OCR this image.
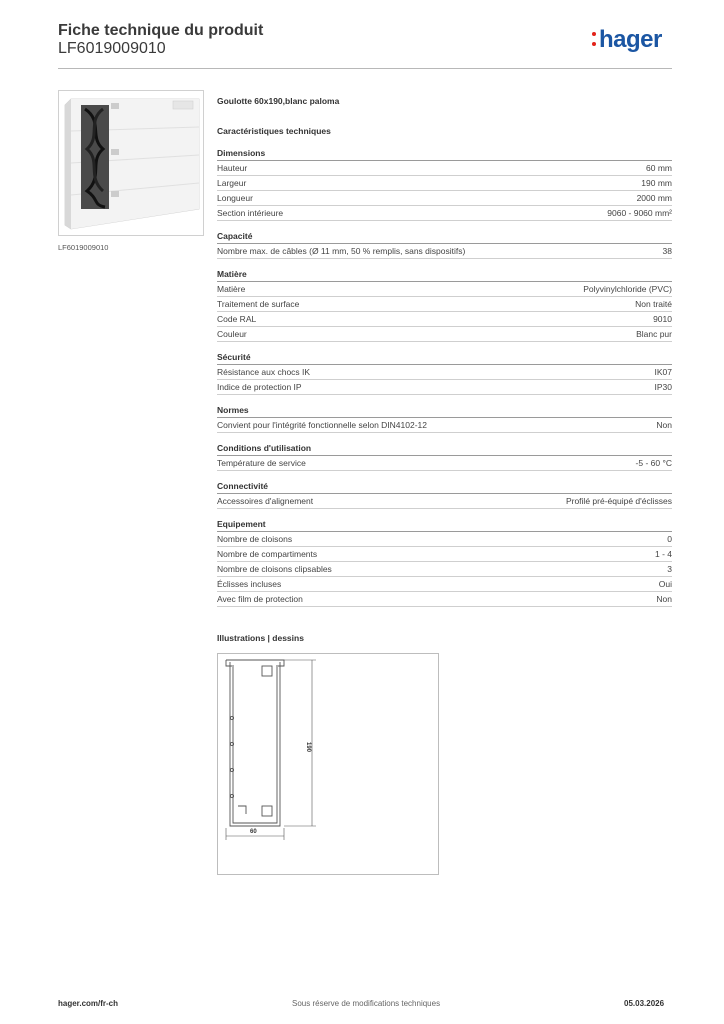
Fiche technique du produit
LF6019009010	hager
LF6019009010
Goulotte 60x190,blanc paloma
Caractéristiques techniques
Dimensions
Hauteur	60 mm
Largeur	190 mm
Longueur	2000 mm
Section intérieure	9060 - 9060 mm²
Capacité
Nombre max. de câbles (Ø 11 mm, 50 % remplis, sans dispositifs)	38
Matière
Matière	Polyvinylchloride (PVC)
Traitement de surface	Non traité
Code RAL	9010
Couleur	Blanc pur
Sécurité
Résistance aux chocs IK	IK07
Indice de protection IP	IP30
Normes
Convient pour l'intégrité fonctionnelle selon DIN4102-12	Non
Conditions d'utilisation
Température de service	-5 - 60 °C
Connectivité
Accessoires d'alignement	Profilé pré-équipé d'éclisses
Equipement
Nombre de cloisons	0
Nombre de compartiments	1 - 4
Nombre de cloisons clipsables	3
Éclisses incluses	Oui
Avec film de protection	Non
Illustrations | dessins
190
60
hager.com/fr-ch	Sous réserve de modifications techniques	05.03.2026
